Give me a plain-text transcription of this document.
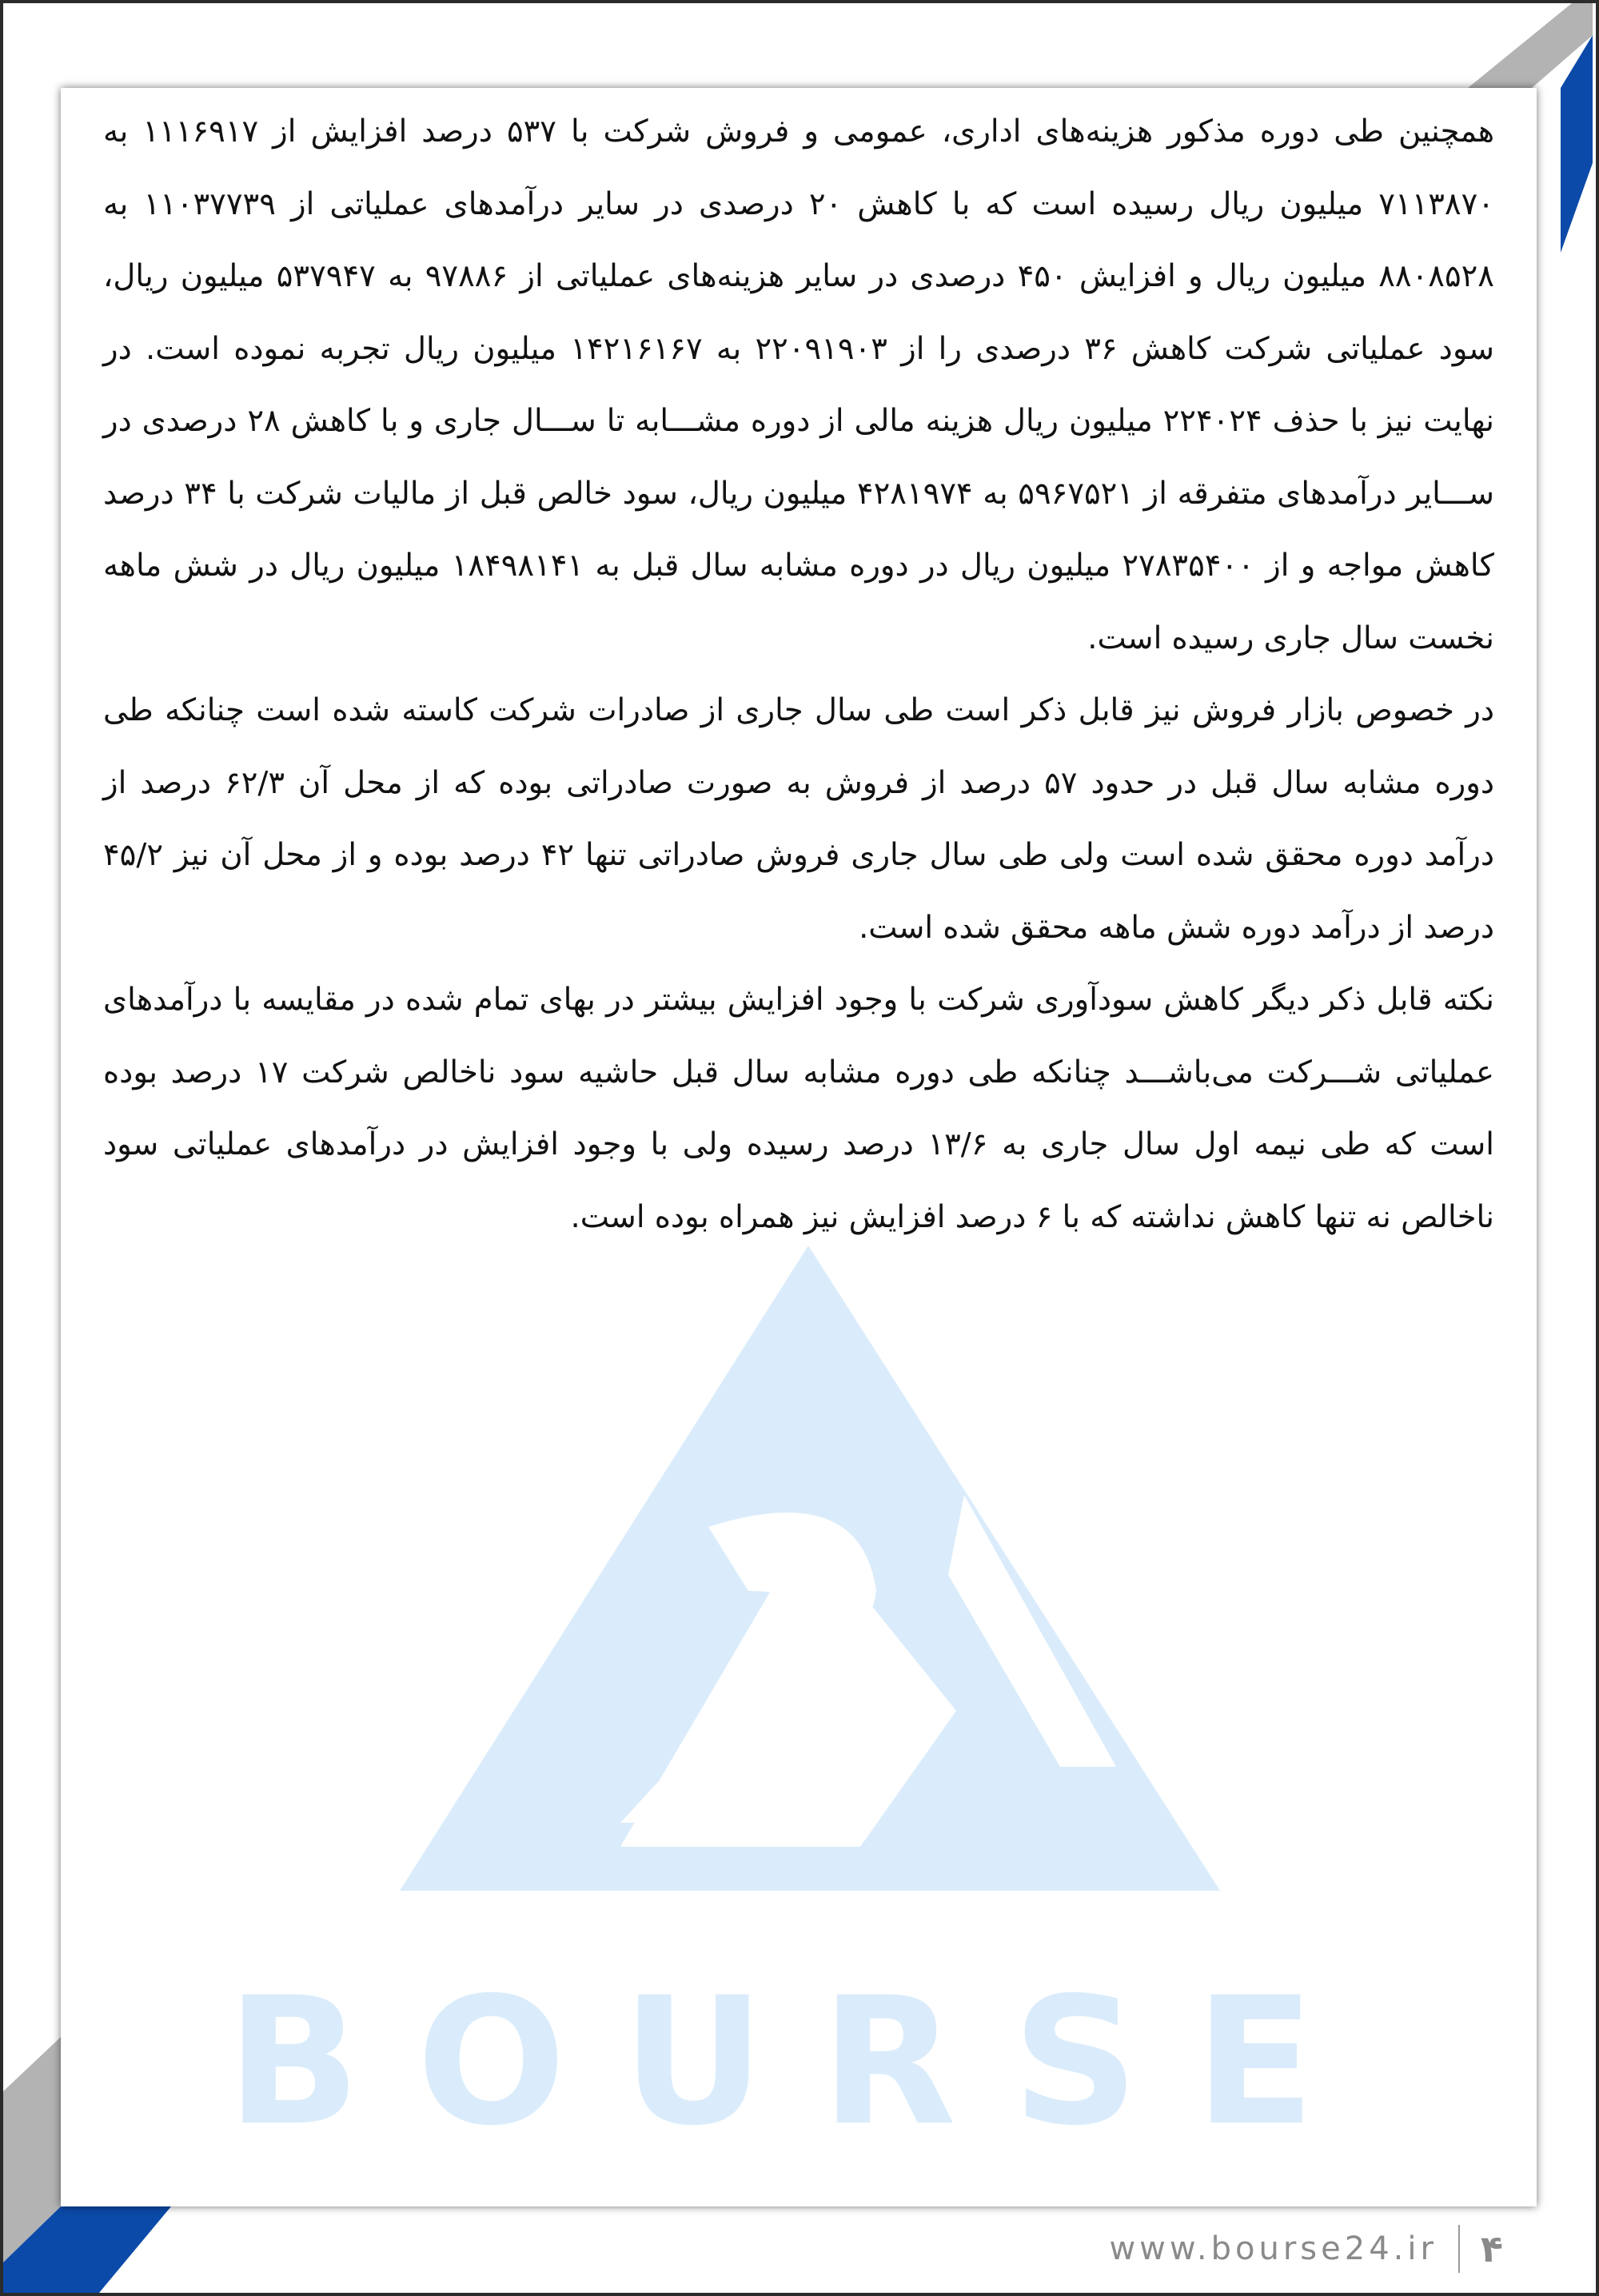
BOURSE

همچنین طی دوره مذکور هزینه‌های اداری، عمومی و فروش شرکت با ۵۳۷ درصد افزایش از ۱۱۱۶۹۱۷ به ۷۱۱۳۸۷۰ میلیون ریال رسیده است که با کاهش ۲۰ درصدی در سایر درآمدهای عملیاتی از ۱۱۰۳۷۷۳۹ به ۸۸۰۸۵۲۸ میلیون ریال و افزایش ۴۵۰ درصدی در سایر هزینه‌های عملیاتی از ۹۷۸۸۶ به ۵۳۷۹۴۷ میلیون ریال، سود عملیاتی شرکت کاهش ۳۶ درصدی را از ۲۲۰۹۱۹۰۳ به ۱۴۲۱۶۱۶۷ میلیون ریال تجربه نموده است. در نهایت نیز با حذف ۲۲۴۰۲۴ میلیون ریال هزینه مالی از دوره مشـــابه تا ســـال جاری و با کاهش ۲۸ درصدی در ســـایر درآمدهای متفرقه از ۵۹۶۷۵۲۱ به ۴۲۸۱۹۷۴ میلیون ریال، سود خالص قبل از مالیات شرکت با ۳۴ درصد کاهش مواجه و از ۲۷۸۳۵۴۰۰ میلیون ریال در دوره مشابه سال قبل به ۱۸۴۹۸۱۴۱ میلیون ریال در شش ماهه نخست سال جاری رسیده است.

در خصوص بازار فروش نیز قابل ذکر است طی سال جاری از صادرات شرکت کاسته شده است چنانکه طی دوره مشابه سال قبل در حدود ۵۷ درصد از فروش به صورت صادراتی بوده که از محل آن ۶۲/۳ درصد از درآمد دوره محقق شده است ولی طی سال جاری فروش صادراتی تنها ۴۲ درصد بوده و از محل آن نیز ۴۵/۲ درصد از درآمد دوره شش ماهه محقق شده است.

نکته قابل ذکر دیگر کاهش سودآوری شرکت با وجود افزایش بیشتر در بهای تمام شده در مقایسه با درآمدهای عملیاتی شـــرکت می‌باشـــد چنانکه طی دوره مشابه سال قبل حاشیه سود ناخالص شرکت ۱۷ درصد بوده است که طی نیمه اول سال جاری به ۱۳/۶ درصد رسیده ولی با وجود افزایش در درآمدهای عملیاتی سود ناخالص نه تنها کاهش نداشته که با ۶ درصد افزایش نیز همراه بوده است.

www.bourse24.ir ۴
